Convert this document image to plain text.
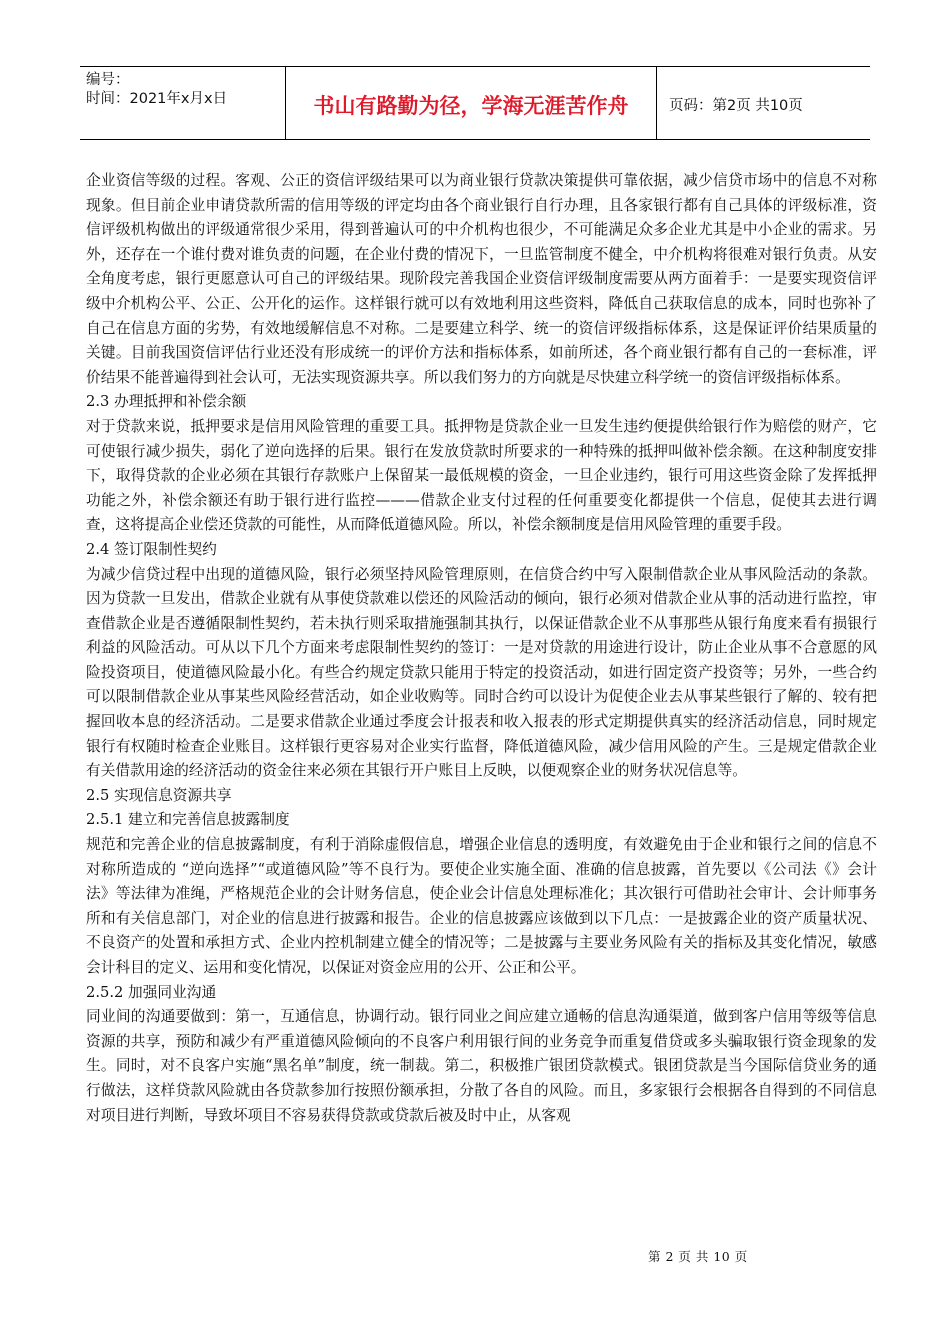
编号：
时间：2021年x月x日	书山有路勤为径，学海无涯苦作舟	页码：第2页 共10页

企业资信等级的过程。客观、公正的资信评级结果可以为商业银行贷款决策提供可靠依据，减少信贷市场中的信息不对称现象。但目前企业申请贷款所需的信用等级的评定均由各个商业银行自行办理，且各家银行都有自己具体的评级标准，资信评级机构做出的评级通常很少采用，得到普遍认可的中介机构也很少，不可能满足众多企业尤其是中小企业的需求。另外，还存在一个谁付费对谁负责的问题，在企业付费的情况下，一旦监管制度不健全，中介机构将很难对银行负责。从安全角度考虑，银行更愿意认可自己的评级结果。现阶段完善我国企业资信评级制度需要从两方面着手：一是要实现资信评级中介机构公平、公正、公开化的运作。这样银行就可以有效地利用这些资料，降低自己获取信息的成本，同时也弥补了自己在信息方面的劣势，有效地缓解信息不对称。二是要建立科学、统一的资信评级指标体系，这是保证评价结果质量的关键。目前我国资信评估行业还没有形成统一的评价方法和指标体系，如前所述，各个商业银行都有自己的一套标准，评价结果不能普遍得到社会认可，无法实现资源共享。所以我们努力的方向就是尽快建立科学统一的资信评级指标体系。

2.3 办理抵押和补偿余额

对于贷款来说，抵押要求是信用风险管理的重要工具。抵押物是贷款企业一旦发生违约便提供给银行作为赔偿的财产，它可使银行减少损失，弱化了逆向选择的后果。银行在发放贷款时所要求的一种特殊的抵押叫做补偿余额。在这种制度安排下，取得贷款的企业必须在其银行存款账户上保留某一最低规模的资金，一旦企业违约，银行可用这些资金除了发挥抵押功能之外，补偿余额还有助于银行进行监控———借款企业支付过程的任何重要变化都提供一个信息，促使其去进行调查，这将提高企业偿还贷款的可能性，从而降低道德风险。所以，补偿余额制度是信用风险管理的重要手段。

2.4 签订限制性契约

为减少信贷过程中出现的道德风险，银行必须坚持风险管理原则，在信贷合约中写入限制借款企业从事风险活动的条款。因为贷款一旦发出，借款企业就有从事使贷款难以偿还的风险活动的倾向，银行必须对借款企业从事的活动进行监控，审查借款企业是否遵循限制性契约，若未执行则采取措施强制其执行，以保证借款企业不从事那些从银行角度来看有损银行利益的风险活动。可从以下几个方面来考虑限制性契约的签订：一是对贷款的用途进行设计，防止企业从事不合意愿的风险投资项目，使道德风险最小化。有些合约规定贷款只能用于特定的投资活动，如进行固定资产投资等；另外，一些合约可以限制借款企业从事某些风险经营活动，如企业收购等。同时合约可以设计为促使企业去从事某些银行了解的、较有把握回收本息的经济活动。二是要求借款企业通过季度会计报表和收入报表的形式定期提供真实的经济活动信息，同时规定银行有权随时检查企业账目。这样银行更容易对企业实行监督，降低道德风险，减少信用风险的产生。三是规定借款企业有关借款用途的经济活动的资金往来必须在其银行开户账目上反映，以便观察企业的财务状况信息等。

2.5 实现信息资源共享

2.5.1 建立和完善信息披露制度

规范和完善企业的信息披露制度，有利于消除虚假信息，增强企业信息的透明度，有效避免由于企业和银行之间的信息不对称所造成的 “逆向选择”“或道德风险”等不良行为。要使企业实施全面、准确的信息披露，首先要以《公司法《》会计法》等法律为准绳，严格规范企业的会计财务信息，使企业会计信息处理标准化；其次银行可借助社会审计、会计师事务所和有关信息部门，对企业的信息进行披露和报告。企业的信息披露应该做到以下几点：一是披露企业的资产质量状况、不良资产的处置和承担方式、企业内控机制建立健全的情况等；二是披露与主要业务风险有关的指标及其变化情况，敏感会计科目的定义、运用和变化情况，以保证对资金应用的公开、公正和公平。

2.5.2 加强同业沟通

同业间的沟通要做到：第一，互通信息，协调行动。银行同业之间应建立通畅的信息沟通渠道，做到客户信用等级等信息资源的共享，预防和减少有严重道德风险倾向的不良客户利用银行间的业务竞争而重复借贷或多头骗取银行资金现象的发生。同时，对不良客户实施“黑名单”制度，统一制裁。第二，积极推广银团贷款模式。银团贷款是当今国际信贷业务的通行做法，这样贷款风险就由各贷款参加行按照份额承担，分散了各自的风险。而且，多家银行会根据各自得到的不同信息对项目进行判断，导致坏项目不容易获得贷款或贷款后被及时中止，从客观

第 2 页 共 10 页
